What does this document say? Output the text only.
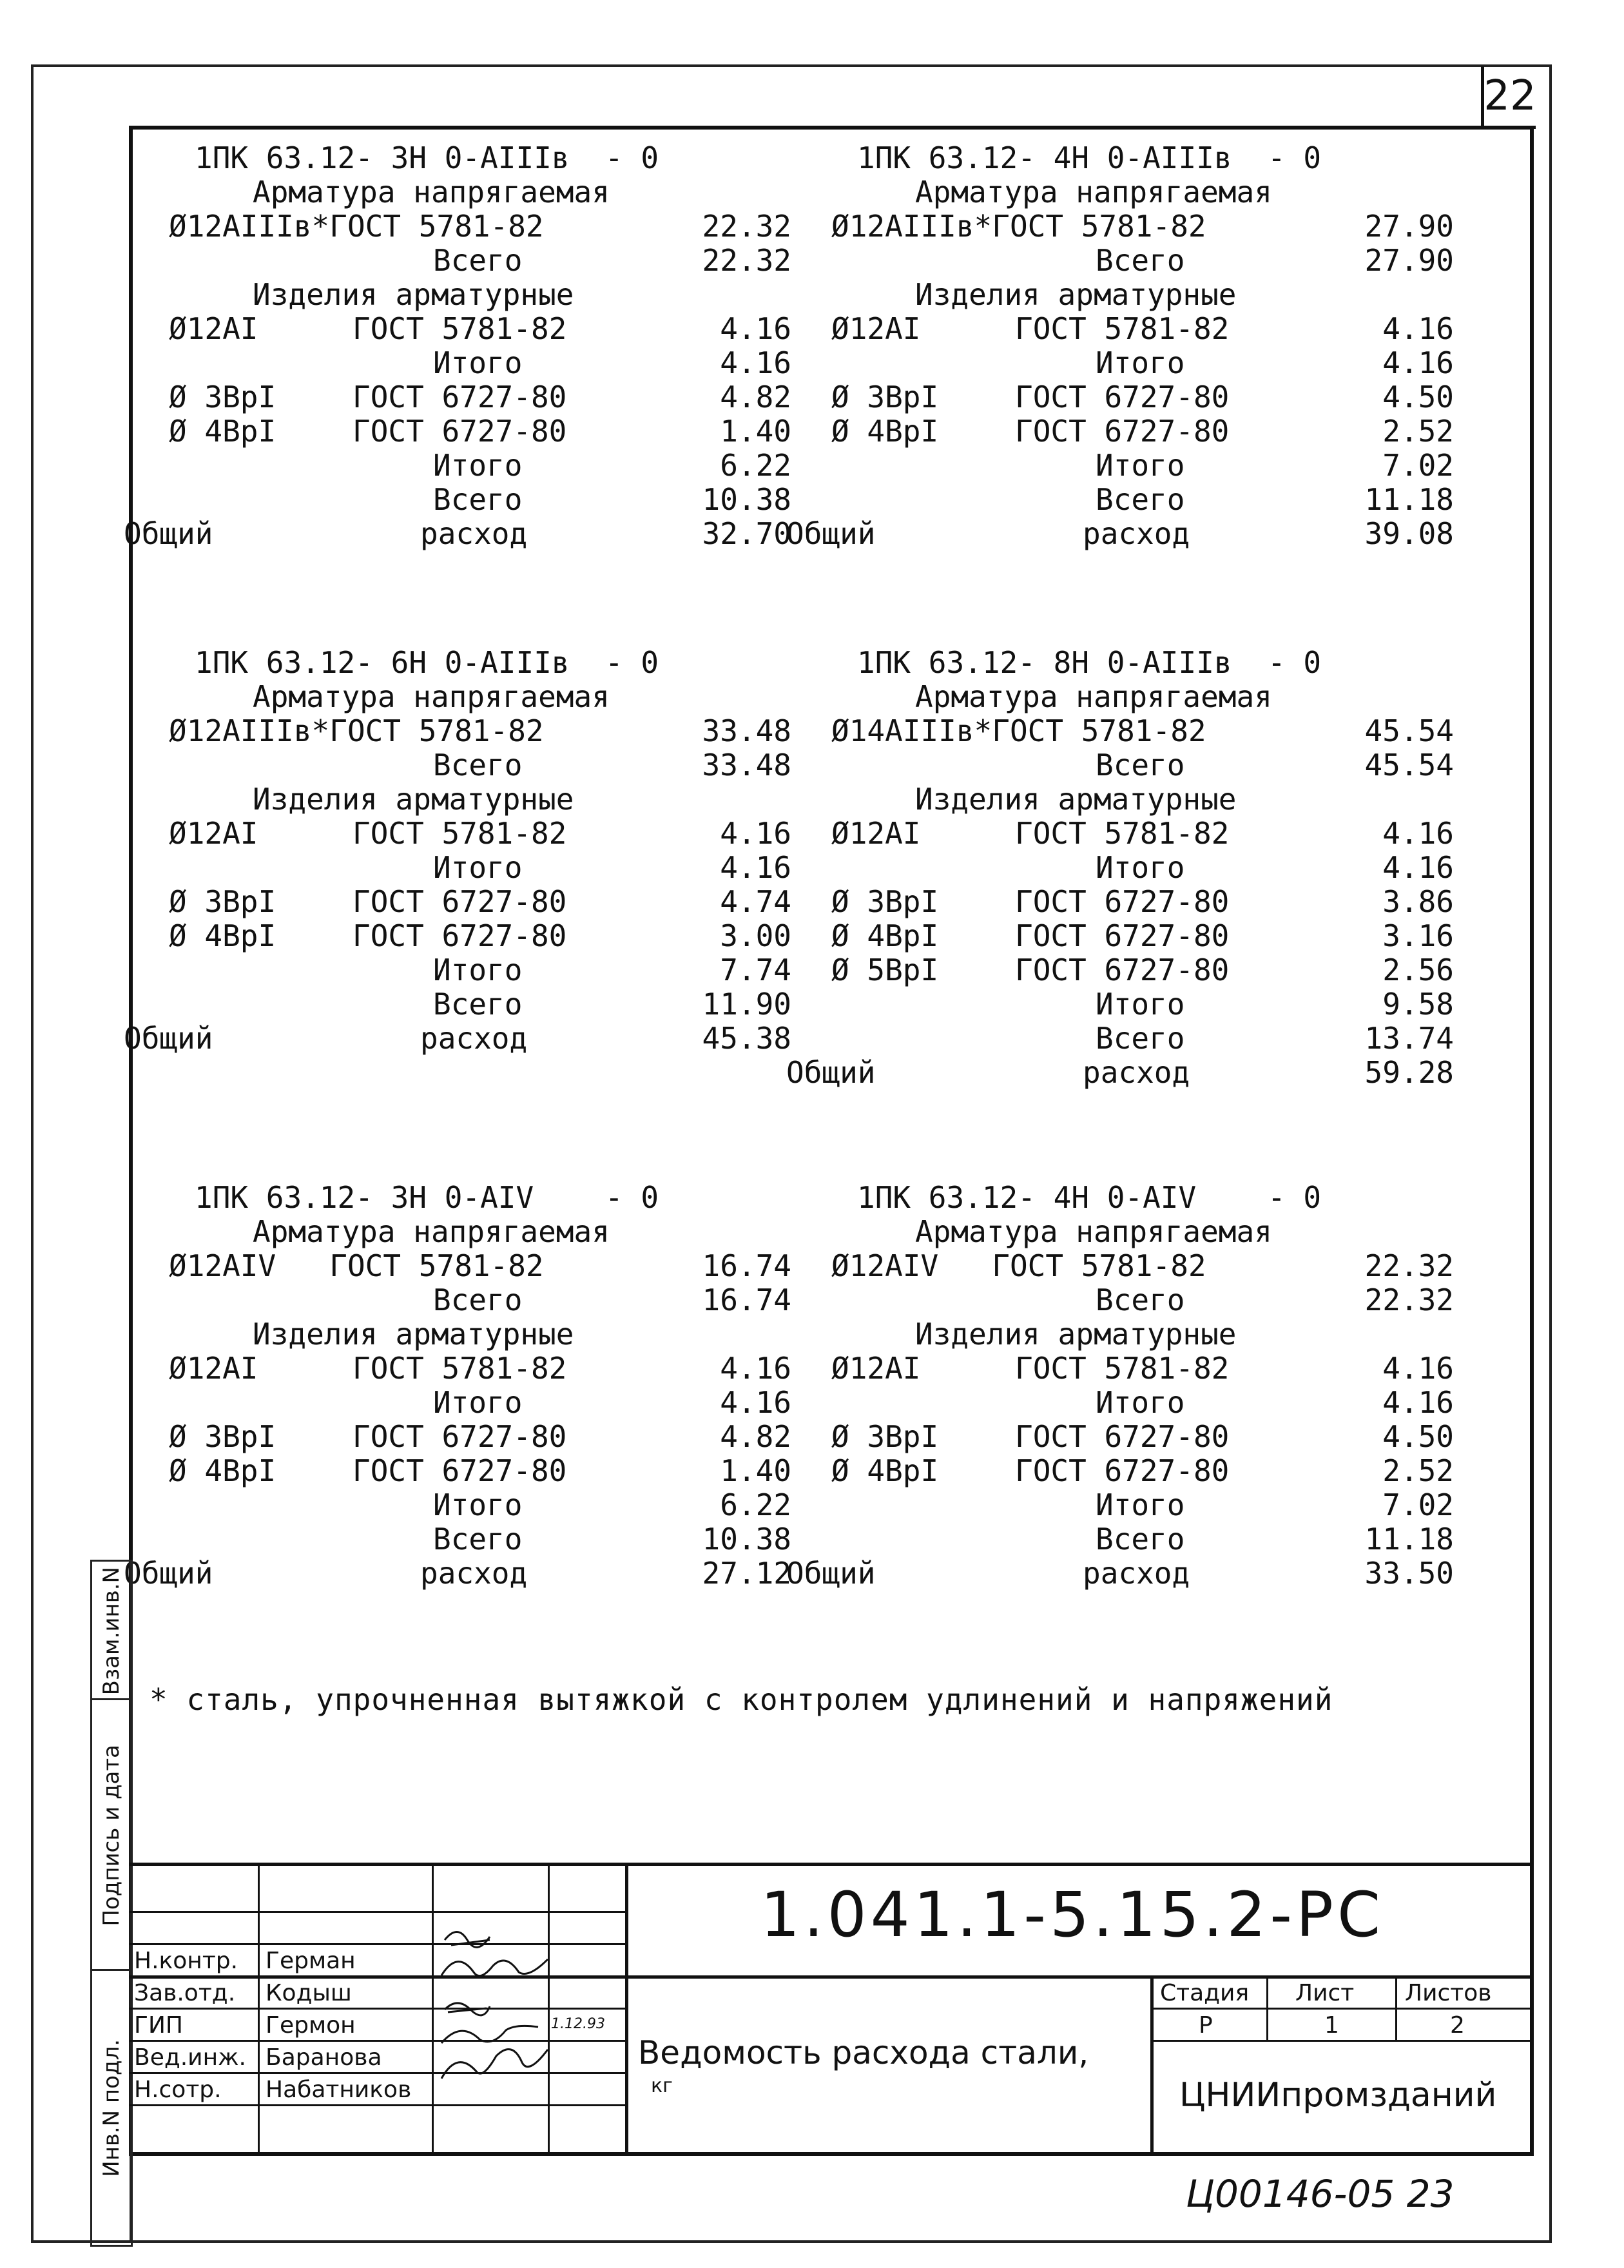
22
1ПК 63.12- 3Н 0-АIIIв  - 0
Арматура напрягаемая
Ø12АIIIв*ГОСТ 5781-82	22.32
Всего	22.32
Изделия арматурные
Ø12АI	ГОСТ 5781-82	4.16
Итого	4.16
Ø 3ВрI	ГОСТ 6727-80	4.82
Ø 4ВрI	ГОСТ 6727-80	1.40
Итого	6.22
Всего	10.38
Общий	расход	32.70
1ПК 63.12- 4Н 0-АIIIв  - 0
Арматура напрягаемая
Ø12АIIIв*ГОСТ 5781-82	27.90
Всего	27.90
Изделия арматурные
Ø12АI	ГОСТ 5781-82	4.16
Итого	4.16
Ø 3ВрI	ГОСТ 6727-80	4.50
Ø 4ВрI	ГОСТ 6727-80	2.52
Итого	7.02
Всего	11.18
Общий	расход	39.08
1ПК 63.12- 6Н 0-АIIIв  - 0
Арматура напрягаемая
Ø12АIIIв*ГОСТ 5781-82	33.48
Всего	33.48
Изделия арматурные
Ø12АI	ГОСТ 5781-82	4.16
Итого	4.16
Ø 3ВрI	ГОСТ 6727-80	4.74
Ø 4ВрI	ГОСТ 6727-80	3.00
Итого	7.74
Всего	11.90
Общий	расход	45.38
1ПК 63.12- 8Н 0-АIIIв  - 0
Арматура напрягаемая
Ø14АIIIв*ГОСТ 5781-82	45.54
Всего	45.54
Изделия арматурные
Ø12АI	ГОСТ 5781-82	4.16
Итого	4.16
Ø 3ВрI	ГОСТ 6727-80	3.86
Ø 4ВрI	ГОСТ 6727-80	3.16
Ø 5ВрI	ГОСТ 6727-80	2.56
Итого	9.58
Всего	13.74
Общий	расход	59.28
1ПК 63.12- 3Н 0-АIV    - 0
Арматура напрягаемая
Ø12АIV   ГОСТ 5781-82	16.74
Всего	16.74
Изделия арматурные
Ø12АI	ГОСТ 5781-82	4.16
Итого	4.16
Ø 3ВрI	ГОСТ 6727-80	4.82
Ø 4ВрI	ГОСТ 6727-80	1.40
Итого	6.22
Всего	10.38
Общий	расход	27.12
1ПК 63.12- 4Н 0-АIV    - 0
Арматура напрягаемая
Ø12АIV   ГОСТ 5781-82	22.32
Всего	22.32
Изделия арматурные
Ø12АI	ГОСТ 5781-82	4.16
Итого	4.16
Ø 3ВрI	ГОСТ 6727-80	4.50
Ø 4ВрI	ГОСТ 6727-80	2.52
Итого	7.02
Всего	11.18
Общий	расход	33.50
* сталь, упрочненная вытяжкой с контролем удлинений и напряжений
Взам.инв.N
Подпись и дата
Инв.N подл.
1.041.1-5.15.2-РС
Н.контр. Герман
Зав.отд. Кодыш
ГИП	Гермон	1.12.93
Вед.инж. Баранова
Н.сотр. Набатников
Ведомость расхода стали,
кг
Стадия Лист Листов
Р	1	2
ЦНИИпромзданий
Ц00146-05 23
